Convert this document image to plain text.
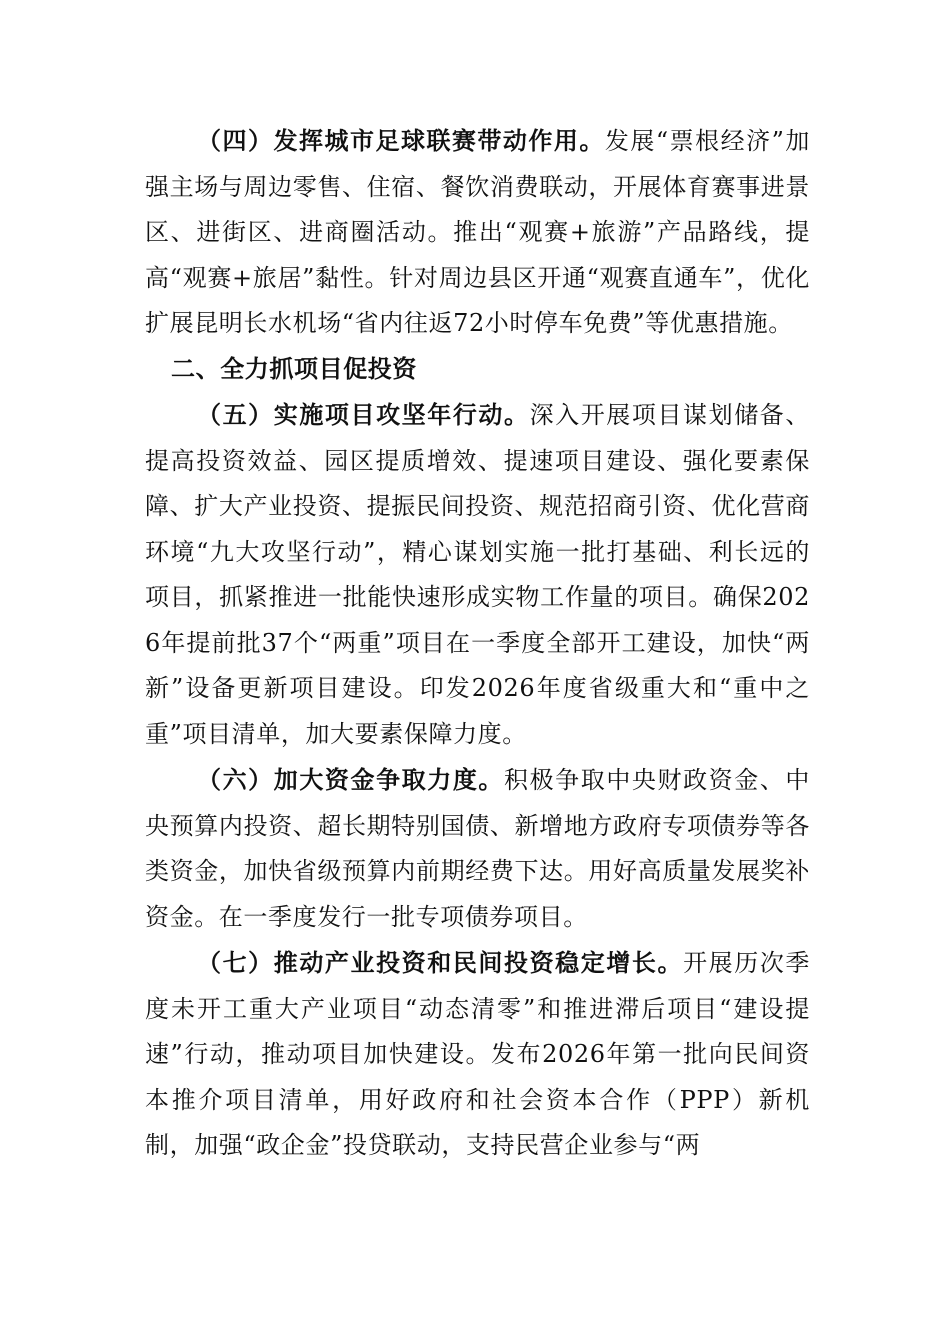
（四）发挥城市足球联赛带动作用。发展“票根经济”加强主场与周边零售、住宿、餐饮消费联动，开展体育赛事进景区、进街区、进商圈活动。推出“观赛+旅游”产品路线，提高“观赛+旅居”黏性。针对周边县区开通“观赛直通车”，优化扩展昆明长水机场“省内往返72小时停车免费”等优惠措施。

二、全力抓项目促投资

（五）实施项目攻坚年行动。深入开展项目谋划储备、提高投资效益、园区提质增效、提速项目建设、强化要素保障、扩大产业投资、提振民间投资、规范招商引资、优化营商环境“九大攻坚行动”，精心谋划实施一批打基础、利长远的项目，抓紧推进一批能快速形成实物工作量的项目。确保2026年提前批37个“两重”项目在一季度全部开工建设，加快“两新”设备更新项目建设。印发2026年度省级重大和“重中之重”项目清单，加大要素保障力度。

（六）加大资金争取力度。积极争取中央财政资金、中央预算内投资、超长期特别国债、新增地方政府专项债券等各类资金，加快省级预算内前期经费下达。用好高质量发展奖补资金。在一季度发行一批专项债券项目。

（七）推动产业投资和民间投资稳定增长。开展历次季度未开工重大产业项目“动态清零”和推进滞后项目“建设提速”行动，推动项目加快建设。发布2026年第一批向民间资本推介项目清单，用好政府和社会资本合作（PPP）新机制，加强“政企金”投贷联动，支持民营企业参与“两
